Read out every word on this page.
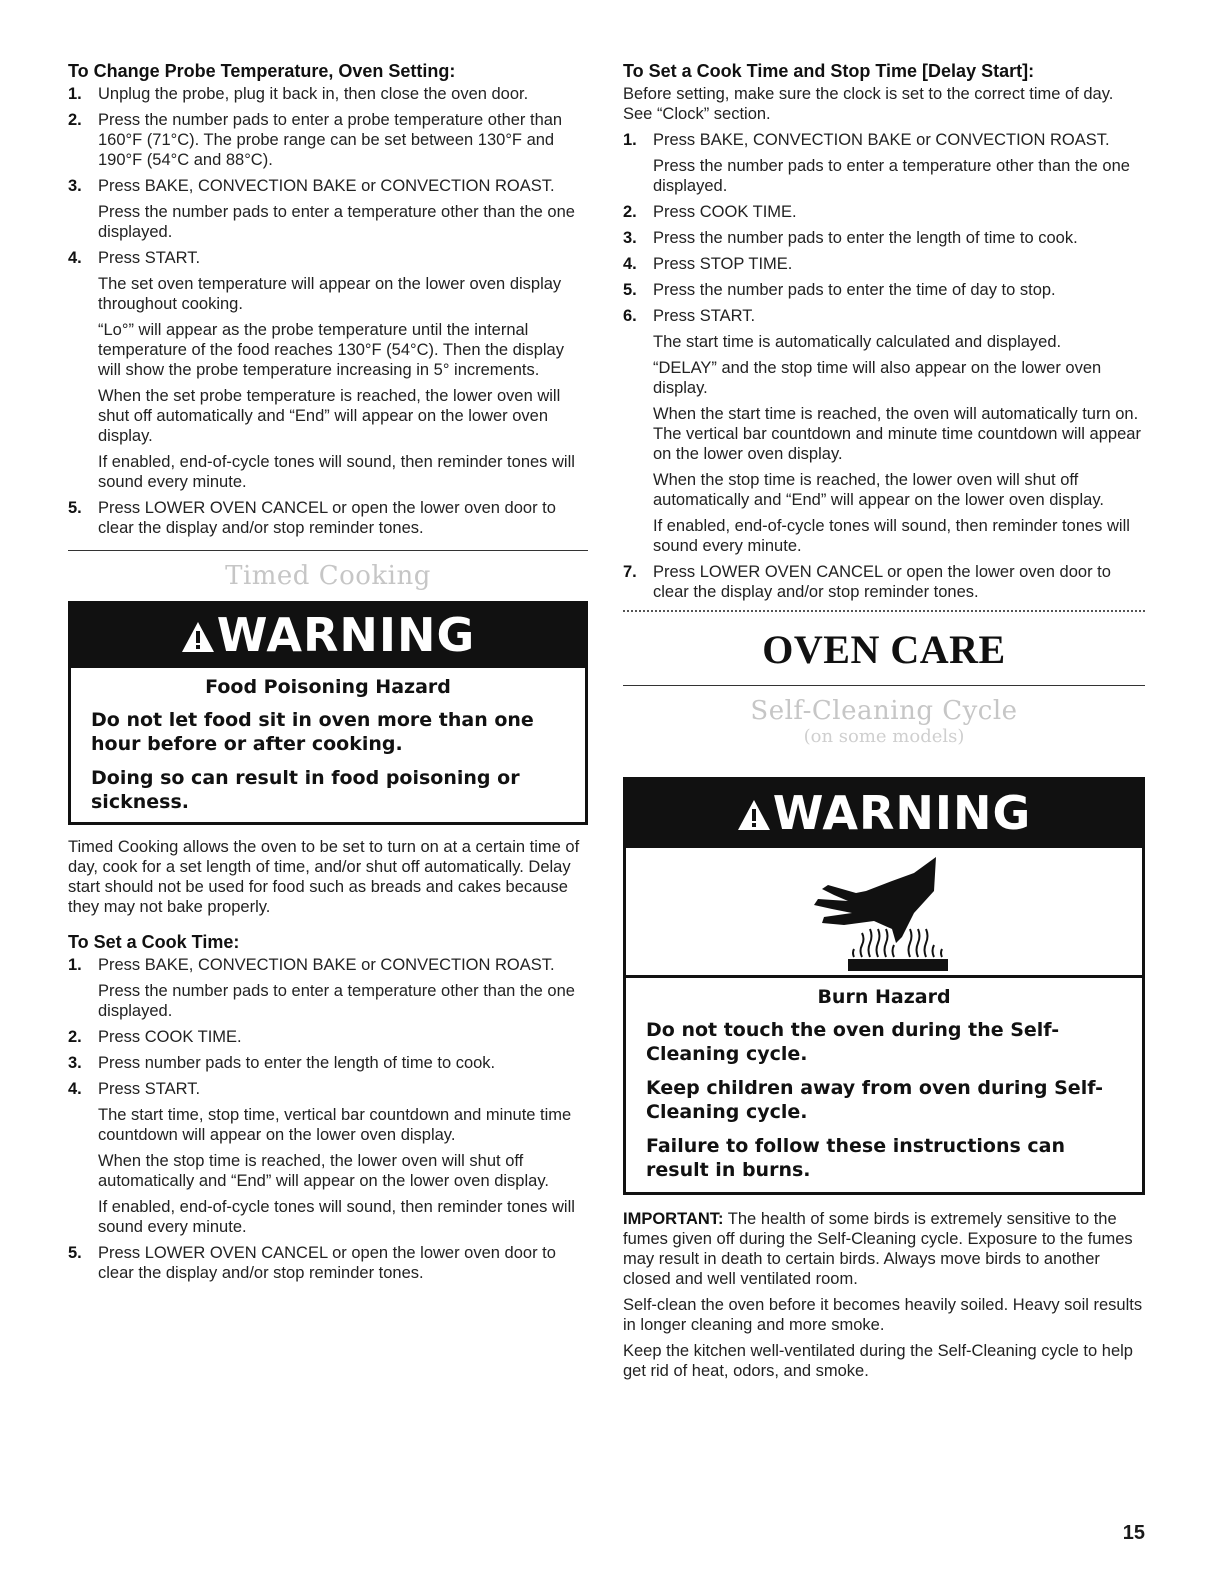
To Change Probe Temperature, Oven Setting:
1. Unplug the probe, plug it back in, then close the oven door.
2. Press the number pads to enter a probe temperature other than 160°F (71°C). The probe range can be set between 130°F and 190°F (54°C and 88°C).
3. Press BAKE, CONVECTION BAKE or CONVECTION ROAST.
Press the number pads to enter a temperature other than the one displayed.
4. Press START.
The set oven temperature will appear on the lower oven display throughout cooking.
“Lo°” will appear as the probe temperature until the internal temperature of the food reaches 130°F (54°C). Then the display will show the probe temperature increasing in 5° increments.
When the set probe temperature is reached, the lower oven will shut off automatically and “End” will appear on the lower oven display.
If enabled, end-of-cycle tones will sound, then reminder tones will sound every minute.
5. Press LOWER OVEN CANCEL or open the lower oven door to clear the display and/or stop reminder tones.
Timed Cooking
WARNING
Food Poisoning Hazard
Do not let food sit in oven more than one hour before or after cooking.
Doing so can result in food poisoning or sickness.

Timed Cooking allows the oven to be set to turn on at a certain time of day, cook for a set length of time, and/or shut off automatically. Delay start should not be used for food such as breads and cakes because they may not bake properly.

To Set a Cook Time:
1. Press BAKE, CONVECTION BAKE or CONVECTION ROAST.
Press the number pads to enter a temperature other than the one displayed.
2. Press COOK TIME.
3. Press number pads to enter the length of time to cook.
4. Press START.
The start time, stop time, vertical bar countdown and minute time countdown will appear on the lower oven display.
When the stop time is reached, the lower oven will shut off automatically and “End” will appear on the lower oven display.
If enabled, end-of-cycle tones will sound, then reminder tones will sound every minute.
5. Press LOWER OVEN CANCEL or open the lower oven door to clear the display and/or stop reminder tones.
To Set a Cook Time and Stop Time [Delay Start]:

Before setting, make sure the clock is set to the correct time of day. See “Clock” section.

1. Press BAKE, CONVECTION BAKE or CONVECTION ROAST.
Press the number pads to enter a temperature other than the one displayed.
2. Press COOK TIME.
3. Press the number pads to enter the length of time to cook.
4. Press STOP TIME.
5. Press the number pads to enter the time of day to stop.
6. Press START.
The start time is automatically calculated and displayed.
“DELAY” and the stop time will also appear on the lower oven display.
When the start time is reached, the oven will automatically turn on. The vertical bar countdown and minute time countdown will appear on the lower oven display.
When the stop time is reached, the lower oven will shut off automatically and “End” will appear on the lower oven display.
If enabled, end-of-cycle tones will sound, then reminder tones will sound every minute.
7. Press LOWER OVEN CANCEL or open the lower oven door to clear the display and/or stop reminder tones.
OVEN CARE
Self-Cleaning Cycle
(on some models)
WARNING
Burn Hazard
Do not touch the oven during the Self-Cleaning cycle.
Keep children away from oven during Self-Cleaning cycle.
Failure to follow these instructions can result in burns.

IMPORTANT: The health of some birds is extremely sensitive to the fumes given off during the Self-Cleaning cycle. Exposure to the fumes may result in death to certain birds. Always move birds to another closed and well ventilated room.

Self-clean the oven before it becomes heavily soiled. Heavy soil results in longer cleaning and more smoke.

Keep the kitchen well-ventilated during the Self-Cleaning cycle to help get rid of heat, odors, and smoke.

15
